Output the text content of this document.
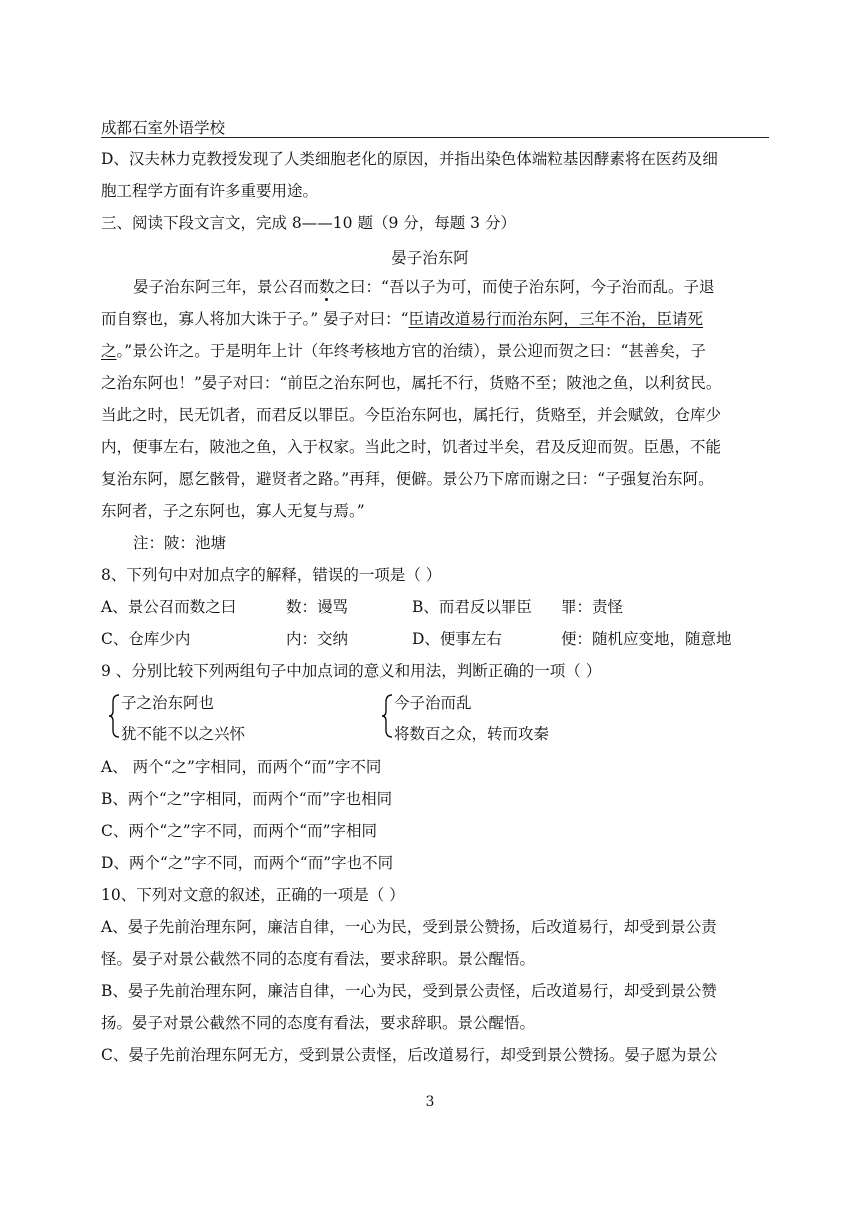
成都石室外语学校
D、汉夫林力克教授发现了人类细胞老化的原因，并指出染色体端粒基因酵素将在医药及细
胞工程学方面有许多重要用途。
三、阅读下段文言文，完成 8——10 题（9 分，每题 3 分）
晏子治东阿
晏子治东阿三年，景公召而数之曰：“吾以子为可，而使子治东阿，今子治而乱。子退
而自察也，寡人将加大诛于子。” 晏子对曰：“臣请改道易行而治东阿，三年不治，臣请死
之。”景公许之。于是明年上计（年终考核地方官的治绩），景公迎而贺之曰：“甚善矣，子
之治东阿也！”晏子对曰：“前臣之治东阿也，属托不行，货赂不至；陂池之鱼，以利贫民。
当此之时，民无饥者，而君反以罪臣。今臣治东阿也，属托行，货赂至，并会赋敛，仓库少
内，便事左右，陂池之鱼，入于权家。当此之时，饥者过半矣，君及反迎而贺。臣愚，不能
复治东阿，愿乞骸骨，避贤者之路。”再拜，便僻。景公乃下席而谢之曰：“子强复治东阿。
东阿者，子之东阿也，寡人无复与焉。”
注：陂：池塘
8、下列句中对加点字的解释，错误的一项是（ ）
A、景公召而数之曰	数：谩骂	B、而君反以罪臣 罪：责怪
C、仓库少内	内：交纳	D、便事左右	便：随机应变地，随意地
9 、分别比较下列两组句子中加点词的意义和用法，判断正确的一项（ ）
子之治东阿也
犹不能不以之兴怀
今子治而乱
将数百之众，转而攻秦
A、 两个“之”字相同，而两个“而”字不同
B、两个“之”字相同，而两个“而”字也相同
C、两个“之”字不同，而两个“而”字相同
D、两个“之”字不同，而两个“而”字也不同
10、下列对文意的叙述，正确的一项是（ ）
A、晏子先前治理东阿，廉洁自律，一心为民，受到景公赞扬，后改道易行，却受到景公责
怪。晏子对景公截然不同的态度有看法，要求辞职。景公醒悟。
B、晏子先前治理东阿，廉洁自律，一心为民，受到景公责怪，后改道易行，却受到景公赞
扬。晏子对景公截然不同的态度有看法，要求辞职。景公醒悟。
C、晏子先前治理东阿无方，受到景公责怪，后改道易行，却受到景公赞扬。晏子愿为景公
3
